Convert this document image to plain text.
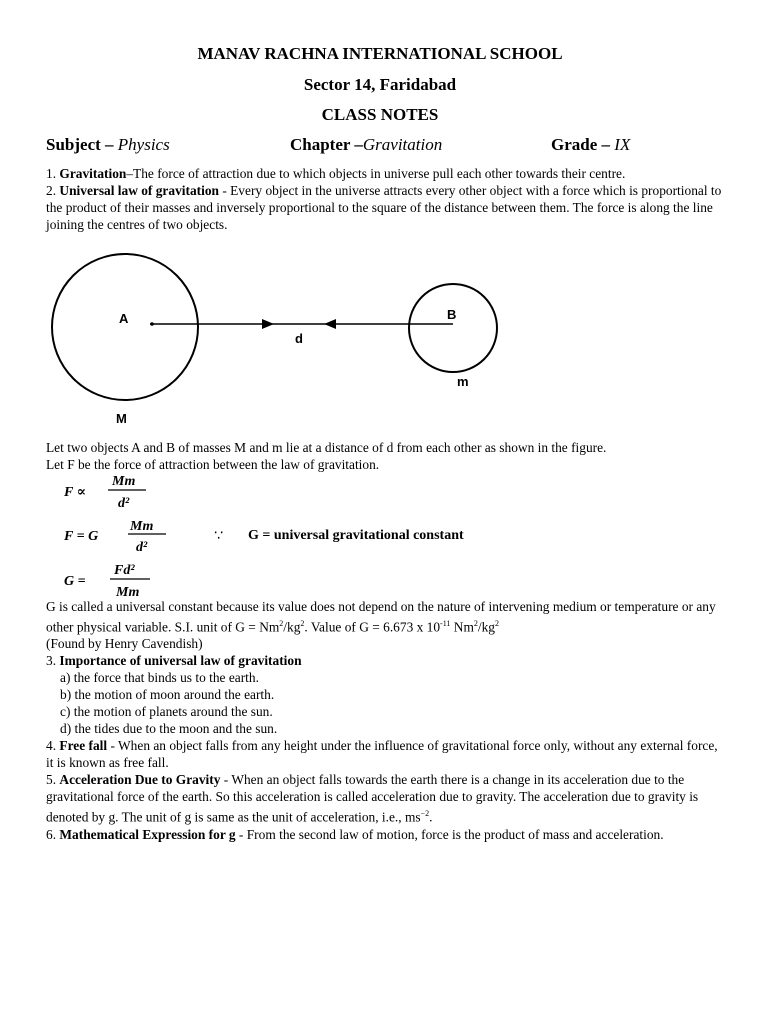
MANAV RACHNA INTERNATIONAL SCHOOL
Sector 14, Faridabad
CLASS NOTES
Subject – Physics	Chapter –Gravitation	Grade – IX

1. Gravitation–The force of attraction due to which objects in universe pull each other towards their centre.

2. Universal law of gravitation - Every object in the universe attracts every other object with a force which is proportional to the product of their masses and inversely proportional to the square of the distance between them. The force is along the line joining the centres of two objects.

A	B
d
m
M

Let two objects A and B of masses M and m lie at a distance of d from each other as shown in the figure.

Let F be the force of attraction between the law of gravitation.

F ∝
Mm
d²
F = G
Mm
d²
∵ G = universal gravitational constant
G =
Fd²
Mm

G is called a universal constant because its value does not depend on the nature of intervening medium or temperature or any other physical variable. S.I. unit of $G = Nm^2/kg^2$. Value of G = 6.673 x $10^{-11}$ $Nm^2/kg^2$

(Found by Henry Cavendish)

3. Importance of universal law of gravitation

a) the force that binds us to the earth.

b) the motion of moon around the earth.

c) the motion of planets around the sun.

d) the tides due to the moon and the sun.

4. Free fall - When an object falls from any height under the influence of gravitational force only, without any external force, it is known as free fall.

5. Acceleration Due to Gravity - When an object falls towards the earth there is a change in its acceleration due to the gravitational force of the earth. So this acceleration is called acceleration due to gravity. The acceleration due to gravity is denoted by g. The unit of g is same as the unit of acceleration, i.e., $ms^{-2}$.

6. Mathematical Expression for g - From the second law of motion, force is the product of mass and acceleration.
